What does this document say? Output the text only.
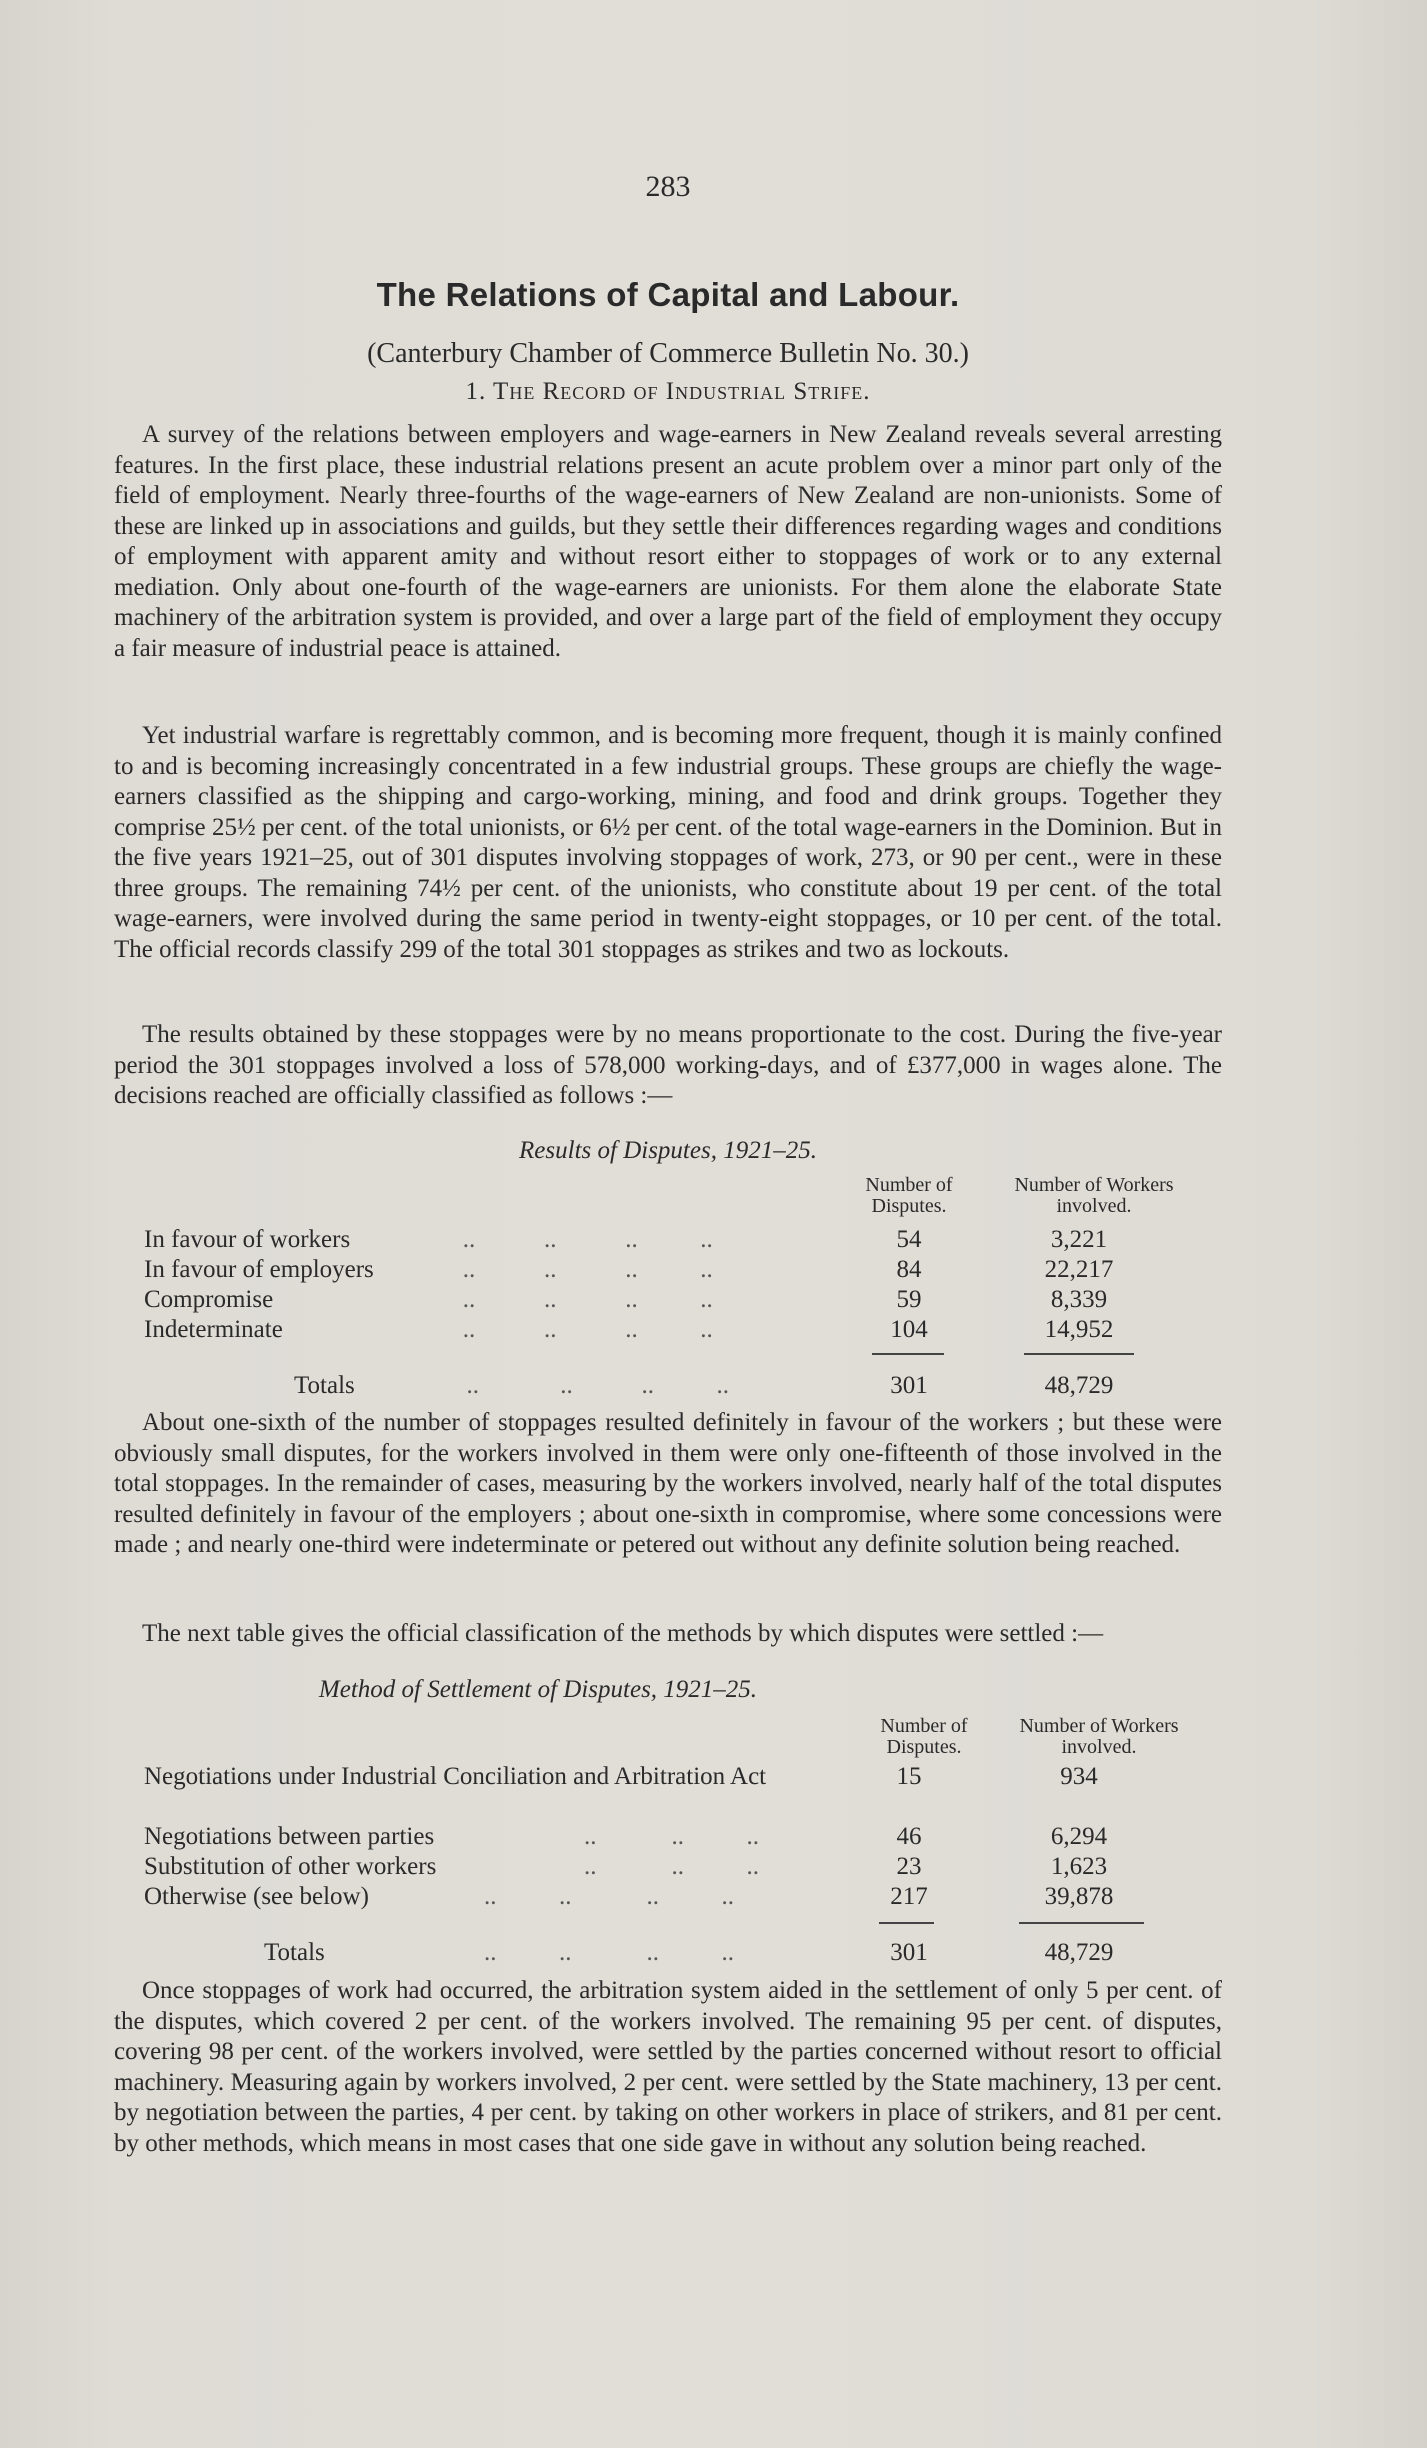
283
The Relations of Capital and Labour.
(Canterbury Chamber of Commerce Bulletin No. 30.)
1. The Record of Industrial Strife.

A survey of the relations between employers and wage-earners in New Zealand reveals several arresting features. In the first place, these industrial relations present an acute problem over a minor part only of the field of employment. Nearly three-fourths of the wage-earners of New Zealand are non-unionists. Some of these are linked up in associations and guilds, but they settle their differences regarding wages and conditions of employment with apparent amity and without resort either to stoppages of work or to any external mediation. Only about one-fourth of the wage-earners are unionists. For them alone the elaborate State machinery of the arbitration system is provided, and over a large part of the field of employment they occupy a fair measure of industrial peace is attained.

Yet industrial warfare is regrettably common, and is becoming more frequent, though it is mainly confined to and is becoming increasingly concentrated in a few industrial groups. These groups are chiefly the wage-earners classified as the shipping and cargo-working, mining, and food and drink groups. Together they comprise 25½ per cent. of the total unionists, or 6½ per cent. of the total wage-earners in the Dominion. But in the five years 1921–25, out of 301 disputes involving stoppages of work, 273, or 90 per cent., were in these three groups. The remaining 74½ per cent. of the unionists, who constitute about 19 per cent. of the total wage-earners, were involved during the same period in twenty-eight stoppages, or 10 per cent. of the total. The official records classify 299 of the total 301 stoppages as strikes and two as lockouts.

The results obtained by these stoppages were by no means proportionate to the cost. During the five-year period the 301 stoppages involved a loss of 578,000 working-days, and of £377,000 in wages alone. The decisions reached are officially classified as follows :—

Results of Disputes, 1921–25.
Number of Disputes.
Number of Workers involved.
In favour of workers	..           ..           ..          ..	54	3,221
In favour of employers	..           ..           ..          ..	84	22,217
Compromise	..           ..           ..          ..	59	8,339
Indeterminate	..           ..           ..          ..	104	14,952
Totals	..             ..           ..          ..	301	48,729

About one-sixth of the number of stoppages resulted definitely in favour of the workers ; but these were obviously small disputes, for the workers involved in them were only one-fifteenth of those involved in the total stoppages. In the remainder of cases, measuring by the workers involved, nearly half of the total disputes resulted definitely in favour of the employers ; about one-sixth in compromise, where some concessions were made ; and nearly one-third were indeterminate or petered out without any definite solution being reached.

The next table gives the official classification of the methods by which disputes were settled :—

Method of Settlement of Disputes, 1921–25.
Number of Disputes.
Number of Workers involved.
Negotiations under Industrial Conciliation and Arbitration Act	15	934
Negotiations between parties	..            ..          ..	46	6,294
Substitution of other workers	..            ..          ..	23	1,623
Otherwise (see below)	..          ..            ..          ..	217	39,878
Totals	..          ..            ..          ..	301	48,729

Once stoppages of work had occurred, the arbitration system aided in the settlement of only 5 per cent. of the disputes, which covered 2 per cent. of the workers involved. The remaining 95 per cent. of disputes, covering 98 per cent. of the workers involved, were settled by the parties concerned without resort to official machinery. Measuring again by workers involved, 2 per cent. were settled by the State machinery, 13 per cent. by negotiation between the parties, 4 per cent. by taking on other workers in place of strikers, and 81 per cent. by other methods, which means in most cases that one side gave in without any solution being reached.
